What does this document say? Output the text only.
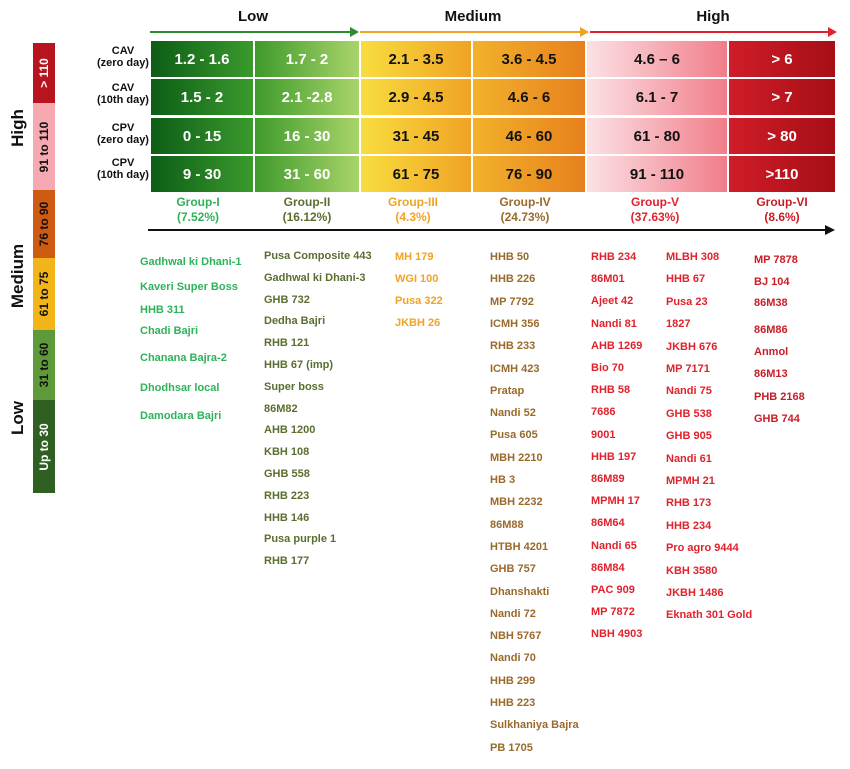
High
Medium
Low
> 110
91 to 110
76 to 90
61 to 75
31 to 60
Up to 30
Low	Medium	High
CAV
(zero day)
CAV
(10th day)
CPV
(zero day)
CPV
(10th day)
1.2 - 1.6	1.7 - 2	2.1 - 3.5	3.6 - 4.5	4.6 – 6	> 6
1.5 - 2	2.1 -2.8	2.9 - 4.5	4.6 - 6	6.1 - 7	> 7
0 - 15	16 - 30	31 - 45	46 - 60	61 - 80	> 80
9 - 30	31 - 60	61 - 75	76 - 90	91 - 110	>110
Group-I
(7.52%)
Group-II
(16.12%)
Group-III
(4.3%)
Group-IV
(24.73%)
Group-V
(37.63%)
Group-VI
(8.6%)
Gadhwal ki Dhani-1
Kaveri Super Boss
HHB 311
Chadi Bajri
Chanana Bajra-2
Dhodhsar local
Damodara Bajri
Pusa Composite 443
Gadhwal ki Dhani-3
GHB 732
Dedha Bajri
RHB 121
HHB 67 (imp)
Super boss
86M82
AHB 1200
KBH 108
GHB 558
RHB 223
HHB 146
Pusa purple 1
RHB 177
MH 179
WGI 100
Pusa 322
JKBH 26
HHB 50
HHB 226
MP 7792
ICMH 356
RHB 233
ICMH 423
Pratap
Nandi 52
Pusa 605
MBH 2210
HB 3
MBH 2232
86M88
HTBH 4201
GHB 757
Dhanshakti
Nandi 72
NBH 5767
Nandi 70
HHB 299
HHB 223
Sulkhaniya Bajra
PB 1705
RHB 234
86M01
Ajeet 42
Nandi 81
AHB 1269
Bio 70
RHB 58
7686
9001
HHB 197
86M89
MPMH 17
86M64
Nandi 65
86M84
PAC 909
MP 7872
NBH 4903
MLBH 308
HHB 67
Pusa 23
1827
JKBH 676
MP 7171
Nandi 75
GHB 538
GHB 905
Nandi 61
MPMH 21
RHB 173
HHB 234
Pro agro 9444
KBH 3580
JKBH 1486
Eknath 301 Gold
MP 7878
BJ 104
86M38
86M86
Anmol
86M13
PHB 2168
GHB 744
